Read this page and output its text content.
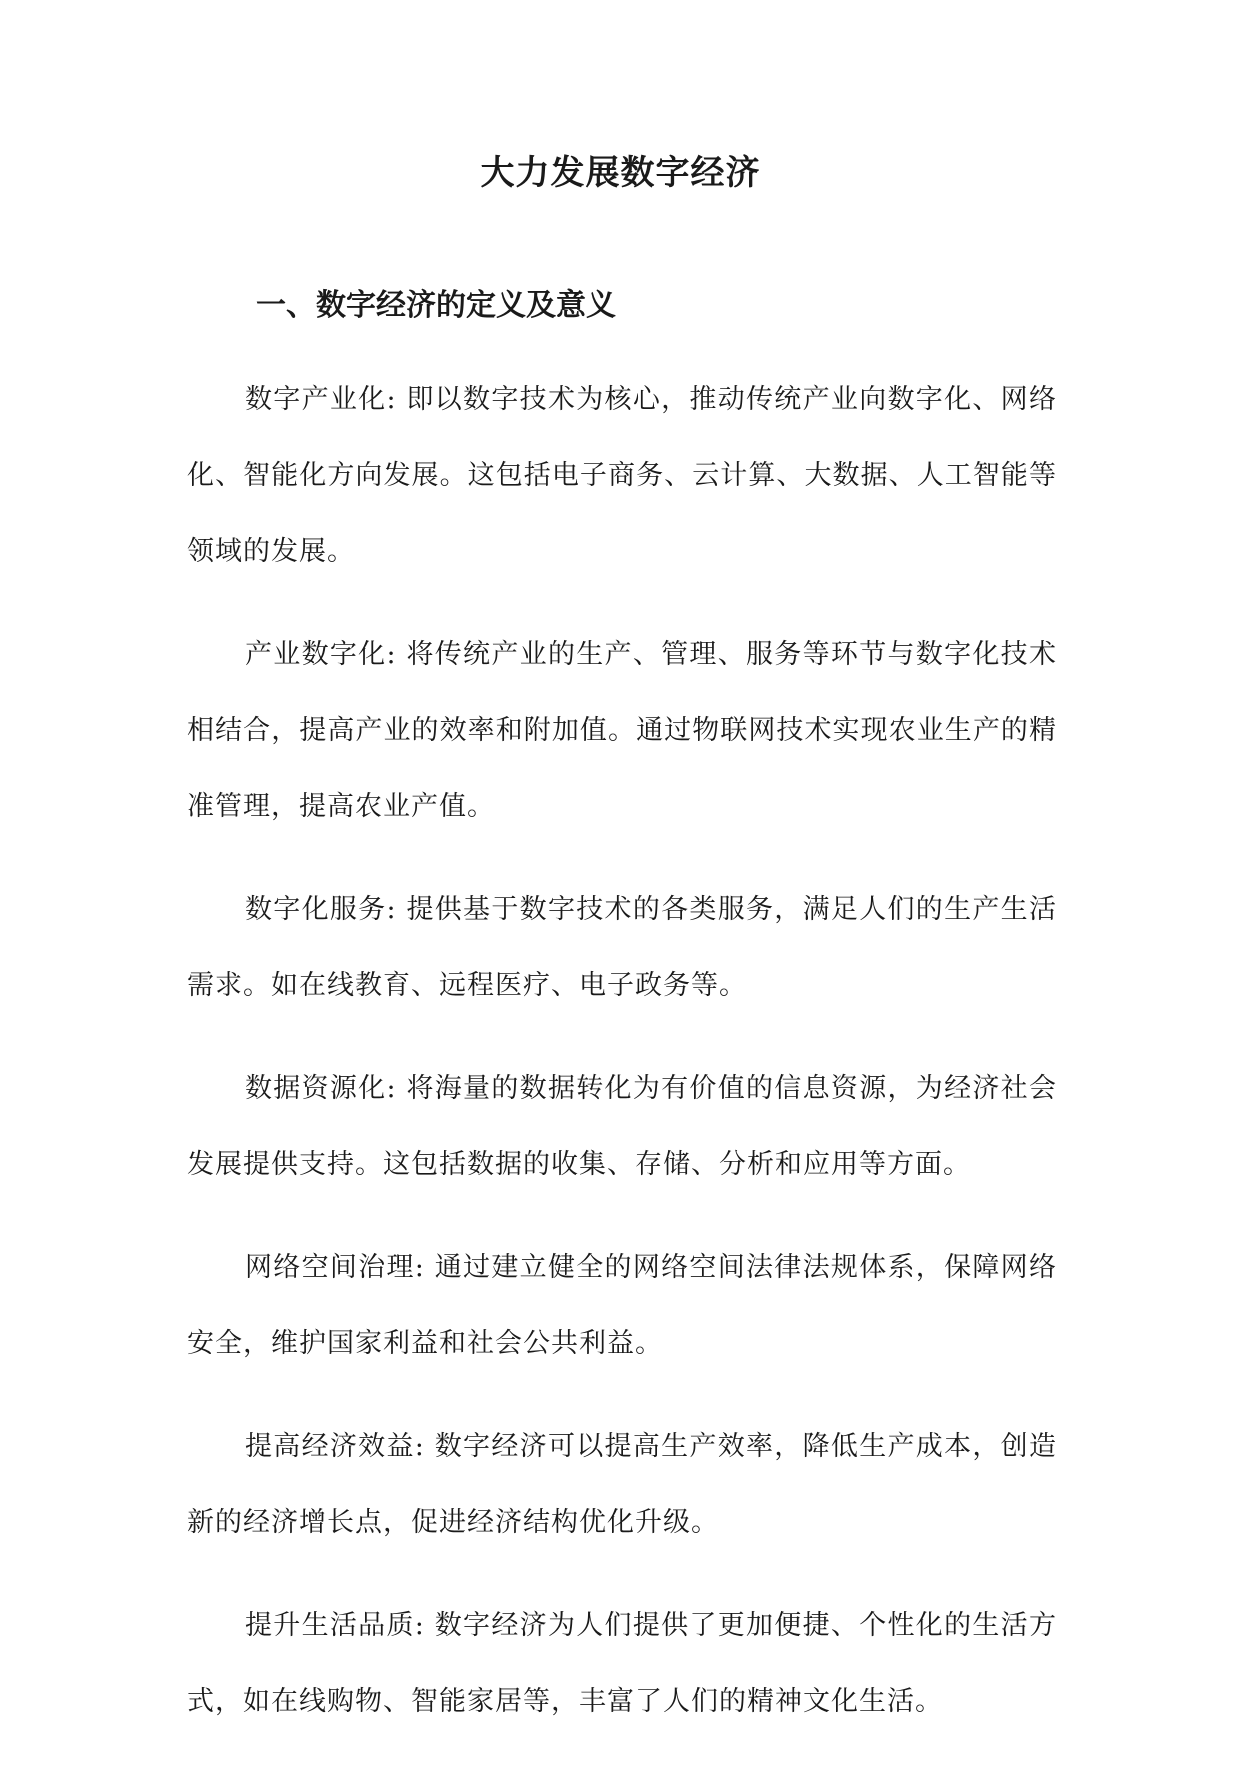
大力发展数字经济
一、数字经济的定义及意义

数字产业化: 即以数字技术为核心，推动传统产业向数字化、网络化、智能化方向发展。这包括电子商务、云计算、大数据、人工智能等领域的发展。

产业数字化: 将传统产业的生产、管理、服务等环节与数字化技术相结合，提高产业的效率和附加值。通过物联网技术实现农业生产的精准管理，提高农业产值。

数字化服务: 提供基于数字技术的各类服务，满足人们的生产生活需求。如在线教育、远程医疗、电子政务等。

数据资源化: 将海量的数据转化为有价值的信息资源，为经济社会发展提供支持。这包括数据的收集、存储、分析和应用等方面。

网络空间治理: 通过建立健全的网络空间法律法规体系，保障网络安全，维护国家利益和社会公共利益。

提高经济效益: 数字经济可以提高生产效率，降低生产成本，创造新的经济增长点，促进经济结构优化升级。

提升生活品质: 数字经济为人们提供了更加便捷、个性化的生活方式，如在线购物、智能家居等，丰富了人们的精神文化生活。
